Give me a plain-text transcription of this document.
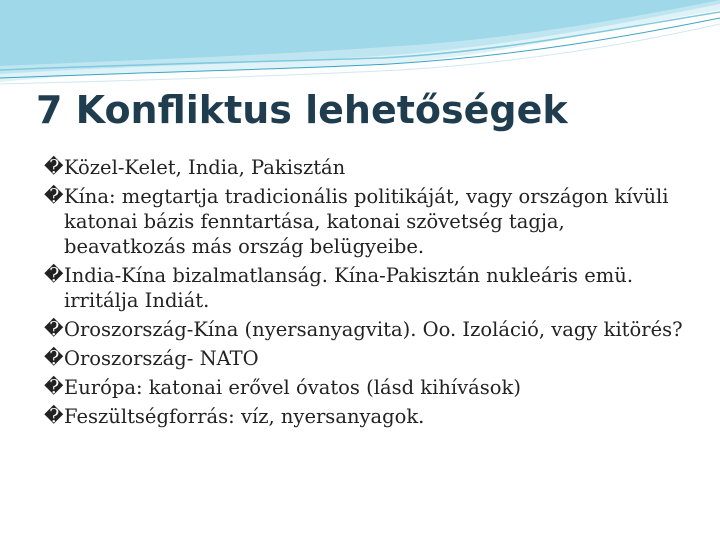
7 Konfliktus lehetőségek
� Közel-Kelet, India, Pakisztán
� Kína: megtartja tradicionális politikáját, vagy országon kívüli katonai bázis fenntartása, katonai szövetség tagja, beavatkozás más ország belügyeibe.
� India-Kína bizalmatlanság. Kína-Pakisztán nukleáris emü. irritálja Indiát.
� Oroszország-Kína (nyersanyagvita). Oo. Izoláció, vagy kitörés?
� Oroszország- NATO
� Európa: katonai erővel óvatos (lásd kihívások)
� Feszültségforrás: víz, nyersanyagok.
